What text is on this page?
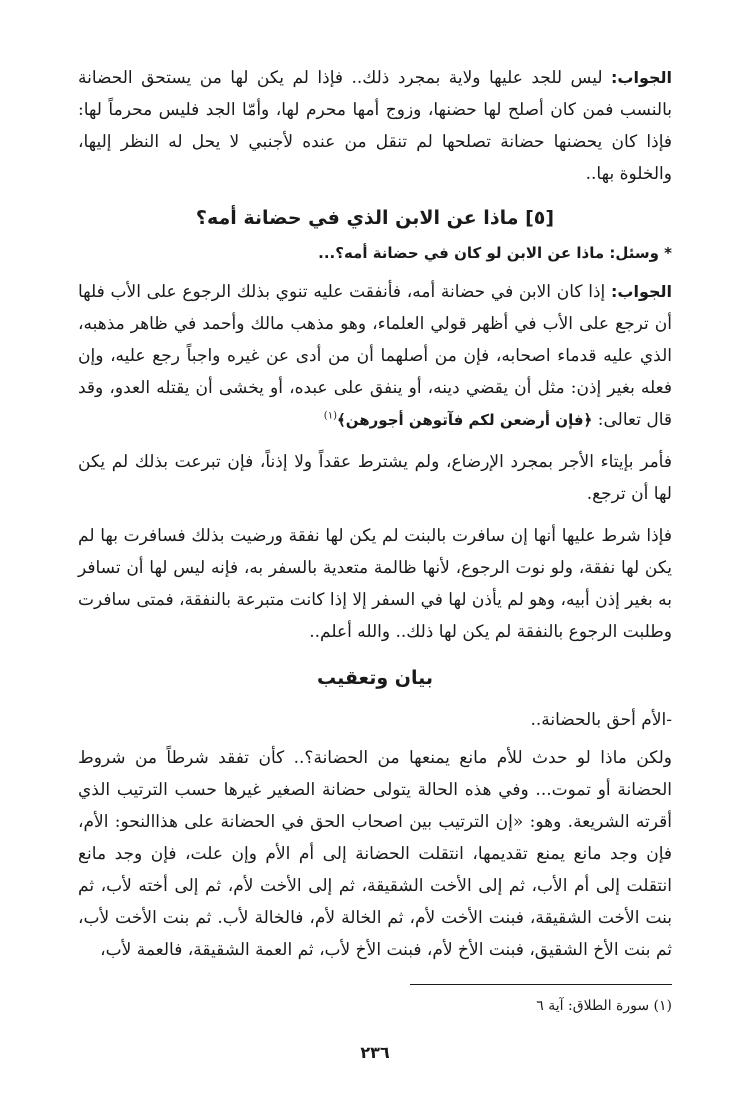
الجواب: ليس للجد عليها ولاية بمجرد ذلك.. فإذا لم يكن لها من يستحق الحضانة بالنسب فمن كان أصلح لها حضنها، وزوج أمها محرم لها، وأمّا الجد فليس محرماً لها: فإذا كان يحضنها حضانة تصلحها لم تنقل من عنده لأجنبي لا يحل له النظر إليها، والخلوة بها..

[٥] ماذا عن الابن الذي في حضانة أمه؟
* وسئل: ماذا عن الابن لو كان في حضانة أمه؟...

الجواب: إذا كان الابن في حضانة أمه، فأنفقت عليه تنوي بذلك الرجوع على الأب فلها أن ترجع على الأب في أظهر قولي العلماء، وهو مذهب مالك وأحمد في ظاهر مذهبه، الذي عليه قدماء اصحابه، فإن من أصلهما أن من أدى عن غيره واجباً رجع عليه، وإن فعله بغير إذن: مثل أن يقضي دينه، أو ينفق على عبده، أو يخشى أن يقتله العدو، وقد قال تعالى: ﴿فإن أرضعن لكم فآتوهن أجورهن﴾$^{(١)}$

فأمر بإيتاء الأجر بمجرد الإرضاع، ولم يشترط عقداً ولا إذناً، فإن تبرعت بذلك لم يكن لها أن ترجع.

فإذا شرط عليها أنها إن سافرت بالبنت لم يكن لها نفقة ورضيت بذلك فسافرت بها لم يكن لها نفقة، ولو نوت الرجوع، لأنها ظالمة متعدية بالسفر به، فإنه ليس لها أن تسافر به بغير إذن أبيه، وهو لم يأذن لها في السفر إلا إذا كانت متبرعة بالنفقة، فمتى سافرت وطلبت الرجوع بالنفقة لم يكن لها ذلك.. والله أعلم..

بيان وتعقيب

-الأم أحق بالحضانة..

ولكن ماذا لو حدث للأم مانع يمنعها من الحضانة؟.. كأن تفقد شرطاً من شروط الحضانة أو تموت... وفي هذه الحالة يتولى حضانة الصغير غيرها حسب الترتيب الذي أقرته الشريعة. وهو: «إن الترتيب بين اصحاب الحق في الحضانة على هذاالنحو: الأم، فإن وجد مانع يمنع تقديمها، انتقلت الحضانة إلى أم الأم وإن علت، فإن وجد مانع انتقلت إلى أم الأب، ثم إلى الأخت الشقيقة، ثم إلى الأخت لأم، ثم إلى أخته لأب، ثم بنت الأخت الشقيقة، فبنت الأخت لأم، ثم الخالة لأم، فالخالة لأب. ثم بنت الأخت لأب، ثم بنت الأخ الشقيق، فبنت الأخ لأم، فبنت الأخ لأب، ثم العمة الشقيقة، فالعمة لأب،

(١) سورة الطلاق: آية ٦
٢٣٦
